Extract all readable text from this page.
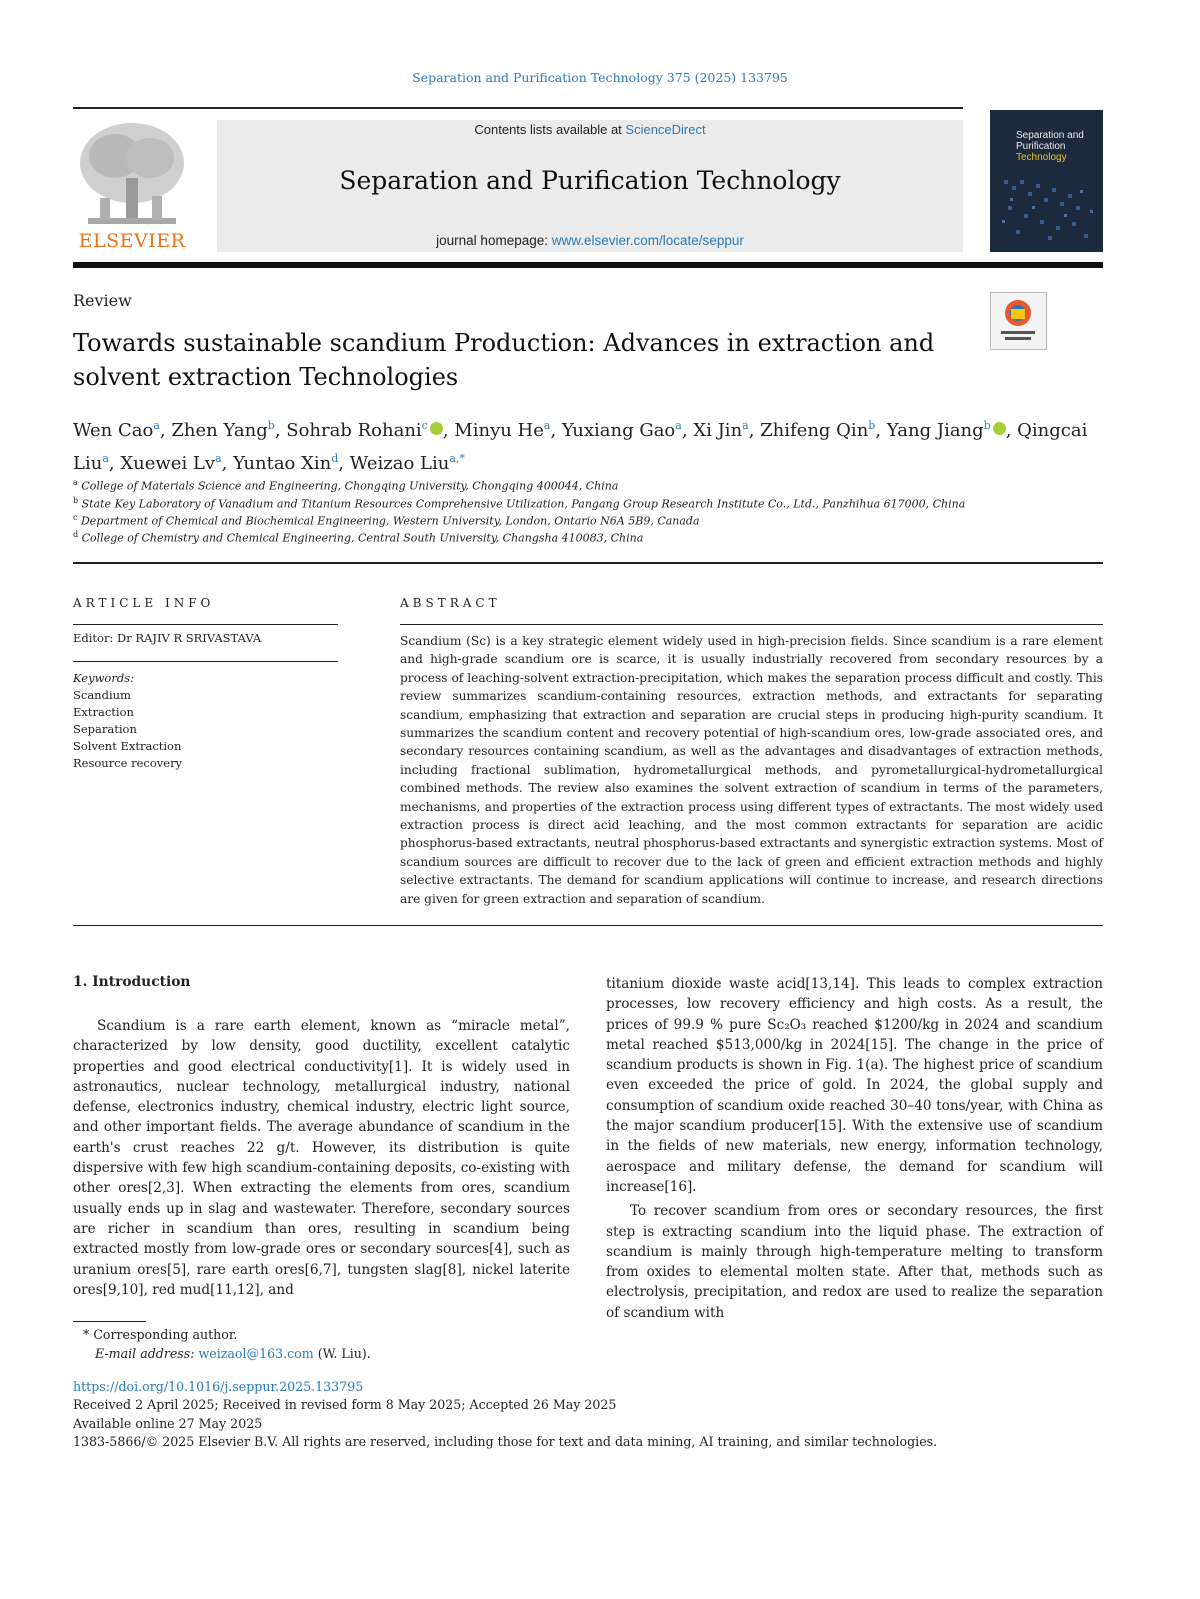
Separation and Purification Technology 375 (2025) 133795
ELSEVIER
Contents lists available at ScienceDirect
Separation and Purification Technology
journal homepage: www.elsevier.com/locate/seppur
Separation and
Purification
Technology
Review
Towards sustainable scandium Production: Advances in extraction and solvent extraction Technologies
Wen Cao$^a$, Zhen Yang$^b$, Sohrab Rohani$^c$ , Minyu He$^a$, Yuxiang Gao$^a$, Xi Jin$^a$, Zhifeng Qin$^b$, Yang Jiang$^b$ , Qingcai Liu$^a$, Xuewei Lv$^a$, Yuntao Xin$^d$, Weizao Liu$^{a,*}$
$^a$ College of Materials Science and Engineering, Chongqing University, Chongqing 400044, China
$^b$ State Key Laboratory of Vanadium and Titanium Resources Comprehensive Utilization, Pangang Group Research Institute Co., Ltd., Panzhihua 617000, China
$^c$ Department of Chemical and Biochemical Engineering, Western University, London, Ontario N6A 5B9, Canada
$^d$ College of Chemistry and Chemical Engineering, Central South University, Changsha 410083, China
ARTICLE INFO	ABSTRACT
Editor: Dr RAJIV R SRIVASTAVA
Keywords:
Scandium
Extraction
Separation
Solvent Extraction
Resource recovery
Scandium (Sc) is a key strategic element widely used in high-precision fields. Since scandium is a rare element and high-grade scandium ore is scarce, it is usually industrially recovered from secondary resources by a process of leaching-solvent extraction-precipitation, which makes the separation process difficult and costly. This review summarizes scandium-containing resources, extraction methods, and extractants for separating scandium, emphasizing that extraction and separation are crucial steps in producing high-purity scandium. It summarizes the scandium content and recovery potential of high-scandium ores, low-grade associated ores, and secondary resources containing scandium, as well as the advantages and disadvantages of extraction methods, including fractional sublimation, hydrometallurgical methods, and pyrometallurgical-hydrometallurgical combined methods. The review also examines the solvent extraction of scandium in terms of the parameters, mechanisms, and properties of the extraction process using different types of extractants. The most widely used extraction process is direct acid leaching, and the most common extractants for separation are acidic phosphorus-based extractants, neutral phosphorus-based extractants and synergistic extraction systems. Most of scandium sources are difficult to recover due to the lack of green and efficient extraction methods and highly selective extractants. The demand for scandium applications will continue to increase, and research directions are given for green extraction and separation of scandium.
1. Introduction

Scandium is a rare earth element, known as “miracle metal”, characterized by low density, good ductility, excellent catalytic properties and good electrical conductivity[1]. It is widely used in astronautics, nuclear technology, metallurgical industry, national defense, electronics industry, chemical industry, electric light source, and other important fields. The average abundance of scandium in the earth's crust reaches 22 g/t. However, its distribution is quite dispersive with few high scandium-containing deposits, co-existing with other ores[2,3]. When extracting the elements from ores, scandium usually ends up in slag and wastewater. Therefore, secondary sources are richer in scandium than ores, resulting in scandium being extracted mostly from low-grade ores or secondary sources[4], such as uranium ores[5], rare earth ores[6,7], tungsten slag[8], nickel laterite ores[9,10], red mud[11,12], and

titanium dioxide waste acid[13,14]. This leads to complex extraction processes, low recovery efficiency and high costs. As a result, the prices of 99.9 % pure Sc₂O₃ reached $1200/kg in 2024 and scandium metal reached $513,000/kg in 2024[15]. The change in the price of scandium products is shown in Fig. 1(a). The highest price of scandium even exceeded the price of gold. In 2024, the global supply and consumption of scandium oxide reached 30–40 tons/year, with China as the major scandium producer[15]. With the extensive use of scandium in the fields of new materials, new energy, information technology, aerospace and military defense, the demand for scandium will increase[16].

To recover scandium from ores or secondary resources, the first step is extracting scandium into the liquid phase. The extraction of scandium is mainly through high-temperature melting to transform from oxides to elemental molten state. After that, methods such as electrolysis, precipitation, and redox are used to realize the separation of scandium with

* Corresponding author.
E-mail address: weizaol@163.com (W. Liu).
https://doi.org/10.1016/j.seppur.2025.133795
Received 2 April 2025; Received in revised form 8 May 2025; Accepted 26 May 2025
Available online 27 May 2025
1383-5866/© 2025 Elsevier B.V. All rights are reserved, including those for text and data mining, AI training, and similar technologies.
